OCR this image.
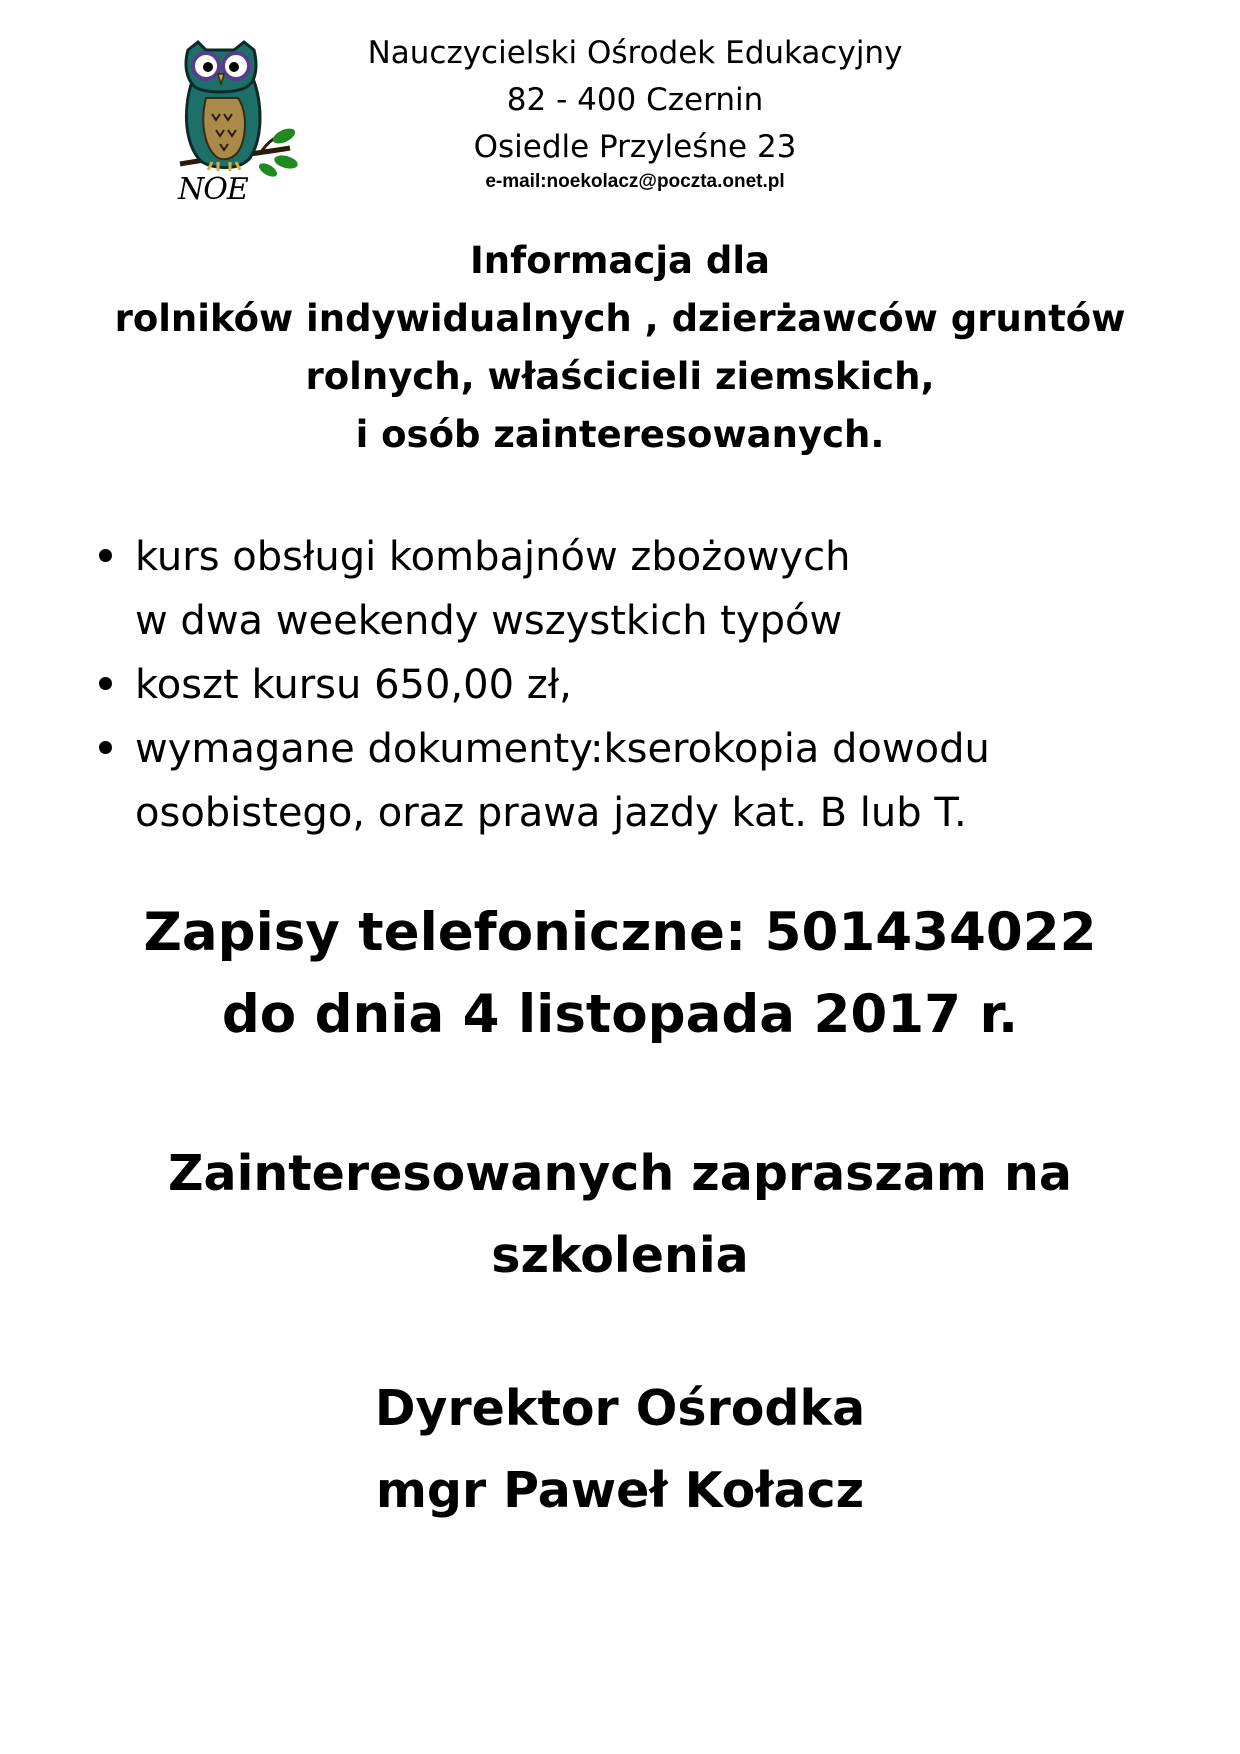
NOE
Nauczycielski Ośrodek Edukacyjny
82 - 400 Czernin
Osiedle Przyleśne 23
e-mail:noekolacz@poczta.onet.pl
Informacja dla
rolników indywidualnych , dzierżawców gruntów
rolnych, właścicieli ziemskich,
i osób zainteresowanych.
kurs obsługi kombajnów zbożowych
w dwa weekendy wszystkich typów
koszt kursu 650,00 zł,
wymagane dokumenty:kserokopia dowodu
osobistego, oraz prawa jazdy kat. B lub T.
Zapisy telefoniczne: 501434022
do dnia 4 listopada 2017 r.
Zainteresowanych zapraszam na
szkolenia
Dyrektor Ośrodka
mgr Paweł Kołacz
